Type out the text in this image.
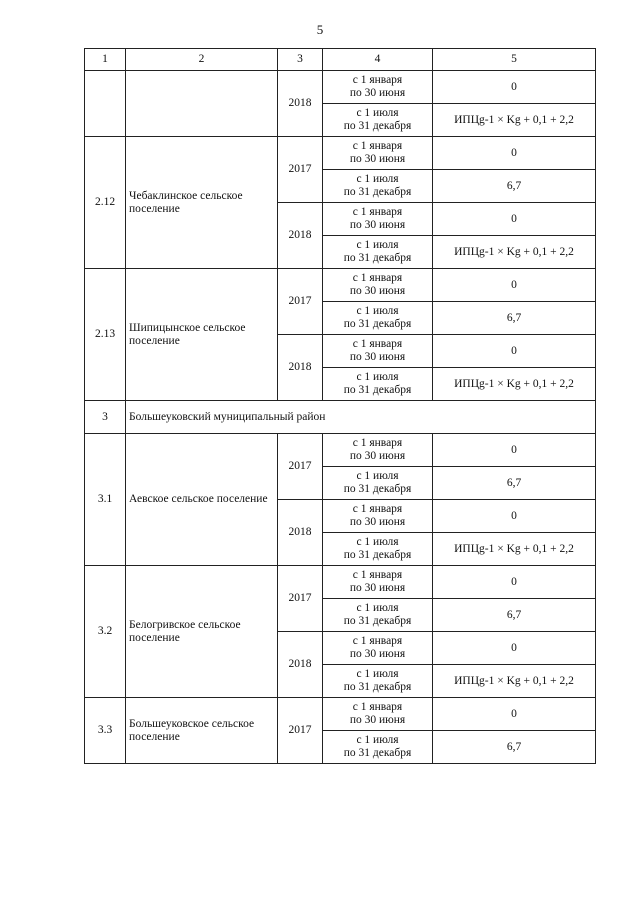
5
1	2	3	4	5
		2018	с 1 января
по 30 июня	0
			с 1 июля
по 31 декабря	ИПЦg-1 × Kg + 0,1 + 2,2
2.12	Чебаклинское сельское поселение	2017	с 1 января
по 30 июня	0
			с 1 июля
по 31 декабря	6,7
		2018	с 1 января
по 30 июня	0
			с 1 июля
по 31 декабря	ИПЦg-1 × Kg + 0,1 + 2,2
2.13	Шипицынское сельское поселение	2017	с 1 января
по 30 июня	0
			с 1 июля
по 31 декабря	6,7
		2018	с 1 января
по 30 июня	0
			с 1 июля
по 31 декабря	ИПЦg-1 × Kg + 0,1 + 2,2
3	Большеуковский муниципальный район			
3.1	Аевское сельское поселение	2017	с 1 января
по 30 июня	0
			с 1 июля
по 31 декабря	6,7
		2018	с 1 января
по 30 июня	0
			с 1 июля
по 31 декабря	ИПЦg-1 × Kg + 0,1 + 2,2
3.2	Белогривское сельское поселение	2017	с 1 января
по 30 июня	0
			с 1 июля
по 31 декабря	6,7
		2018	с 1 января
по 30 июня	0
			с 1 июля
по 31 декабря	ИПЦg-1 × Kg + 0,1 + 2,2
3.3	Большеуковское сельское поселение	2017	с 1 января
по 30 июня	0
			с 1 июля
по 31 декабря	6,7
